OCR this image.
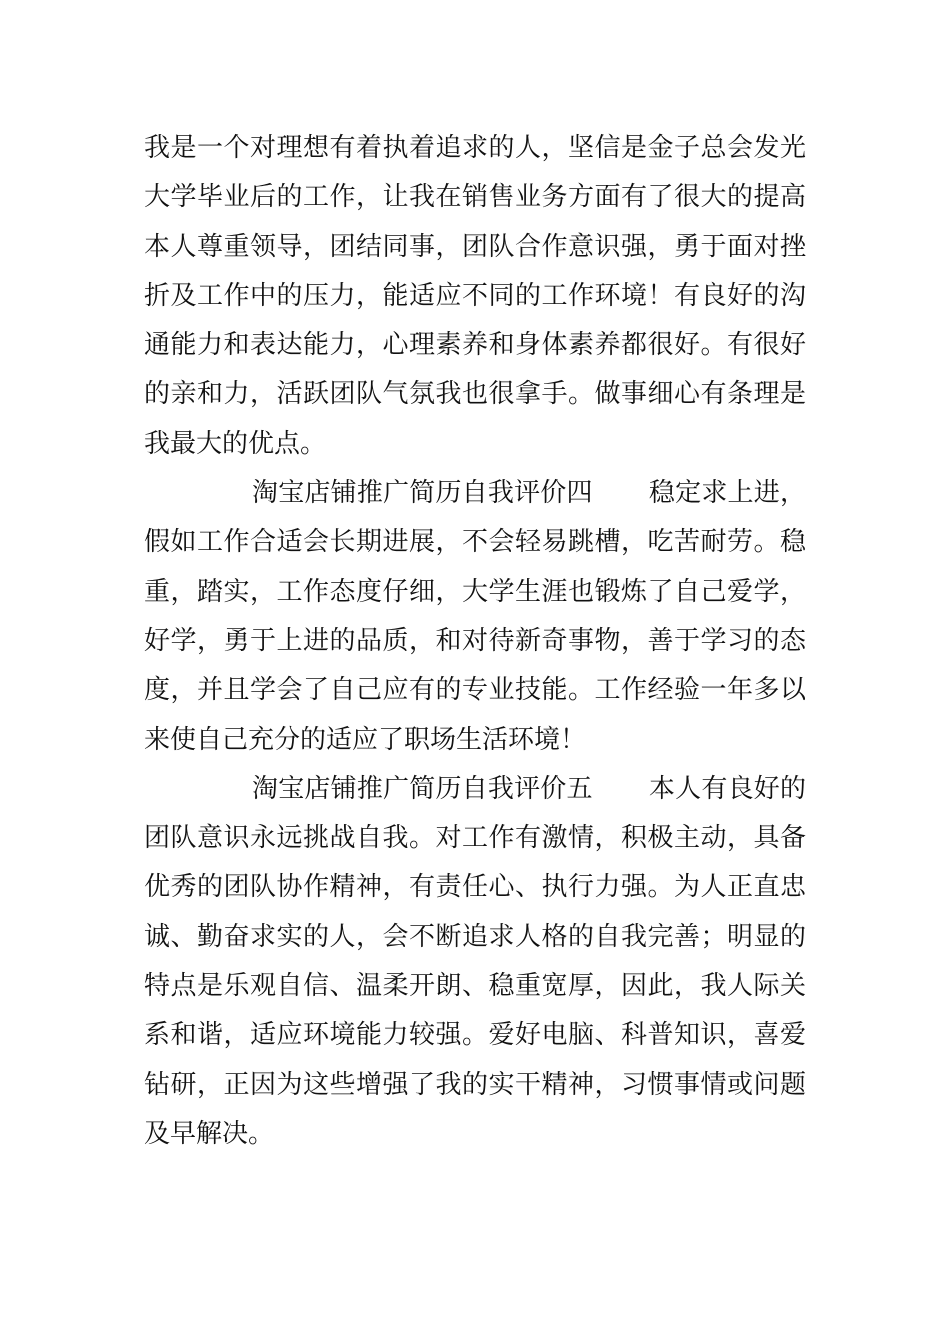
我是一个对理想有着执着追求的人，坚信是金子总会发光
大学毕业后的工作，让我在销售业务方面有了很大的提高
本人尊重领导，团结同事，团队合作意识强，勇于面对挫
折及工作中的压力，能适应不同的工作环境！有良好的沟
通能力和表达能力，心理素养和身体素养都很好。有很好
的亲和力，活跃团队气氛我也很拿手。做事细心有条理是
我最大的优点。
淘宝店铺推广简历自我评价四 稳定求上进，
假如工作合适会长期进展，不会轻易跳槽，吃苦耐劳。稳
重，踏实，工作态度仔细，大学生涯也锻炼了自己爱学，
好学，勇于上进的品质，和对待新奇事物，善于学习的态
度，并且学会了自己应有的专业技能。工作经验一年多以
来使自己充分的适应了职场生活环境！
淘宝店铺推广简历自我评价五 本人有良好的
团队意识永远挑战自我。对工作有激情，积极主动，具备
优秀的团队协作精神，有责任心、执行力强。为人正直忠
诚、勤奋求实的人，会不断追求人格的自我完善；明显的
特点是乐观自信、温柔开朗、稳重宽厚，因此，我人际关
系和谐，适应环境能力较强。爱好电脑、科普知识，喜爱
钻研，正因为这些增强了我的实干精神，习惯事情或问题
及早解决。
